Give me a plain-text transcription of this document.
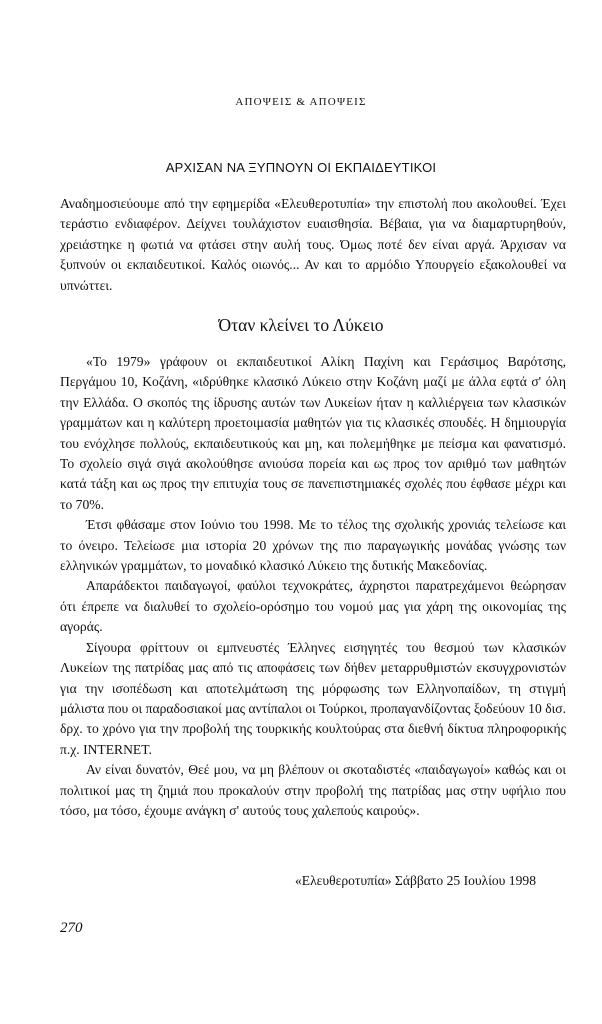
ΑΠΟΨΕΙΣ & ΑΠΟΨΕΙΣ
ΑΡΧΙΣΑΝ ΝΑ ΞΥΠΝΟΥΝ ΟΙ ΕΚΠΑΙΔΕΥΤΙΚΟΙ

Αναδημοσιεύουμε από την εφημερίδα «Ελευθεροτυπία» την επιστολή που ακολουθεί. Έχει τεράστιο ενδιαφέρον. Δείχνει τουλάχιστον ευαισθησία. Βέβαια, για να διαμαρτυρηθούν, χρειάστηκε η φωτιά να φτάσει στην αυλή τους. Όμως ποτέ δεν είναι αργά. Άρχισαν να ξυπνούν οι εκπαιδευτικοί. Καλός οιωνός... Αν και το αρμόδιο Υπουργείο εξακολουθεί να υπνώττει.

Όταν κλείνει το Λύκειο

«Το 1979» γράφουν οι εκπαιδευτικοί Αλίκη Παχίνη και Γεράσιμος Βαρότσης, Περγάμου 10, Κοζάνη, «ιδρύθηκε κλασικό Λύκειο στην Κοζάνη μαζί με άλλα εφτά σ' όλη την Ελλάδα. Ο σκοπός της ίδρυσης αυτών των Λυκείων ήταν η καλλιέργεια των κλασικών γραμμάτων και η καλύτερη προετοιμασία μαθητών για τις κλασικές σπουδές. Η δημιουργία του ενόχλησε πολλούς, εκπαιδευτικούς και μη, και πολεμήθηκε με πείσμα και φανατισμό. Το σχολείο σιγά σιγά ακολούθησε ανιούσα πορεία και ως προς τον αριθμό των μαθητών κατά τάξη και ως προς την επιτυχία τους σε πανεπιστημιακές σχολές που έφθασε μέχρι και το 70%.

Έτσι φθάσαμε στον Ιούνιο του 1998. Με το τέλος της σχολικής χρονιάς τελείωσε και το όνειρο. Τελείωσε μια ιστορία 20 χρόνων της πιο παραγωγικής μονάδας γνώσης των ελληνικών γραμμάτων, το μοναδικό κλασικό Λύκειο της δυτικής Μακεδονίας.

Απαράδεκτοι παιδαγωγοί, φαύλοι τεχνοκράτες, άχρηστοι παρατρεχάμενοι θεώρησαν ότι έπρεπε να διαλυθεί το σχολείο-ορόσημο του νομού μας για χάρη της οικονομίας της αγοράς.

Σίγουρα φρίττουν οι εμπνευστές Έλληνες εισηγητές του θεσμού των κλασικών Λυκείων της πατρίδας μας από τις αποφάσεις των δήθεν μεταρρυθμιστών εκσυγχρονιστών για την ισοπέδωση και αποτελμάτωση της μόρφωσης των Ελληνοπαίδων, τη στιγμή μάλιστα που οι παραδοσιακοί μας αντίπαλοι οι Τούρκοι, προπαγανδίζοντας ξοδεύουν 10 δισ. δρχ. το χρόνο για την προβολή της τουρκικής κουλτούρας στα διεθνή δίκτυα πληροφορικής π.χ. INTERNET.

Αν είναι δυνατόν, Θεέ μου, να μη βλέπουν οι σκοταδιστές «παιδαγωγοί» καθώς και οι πολιτικοί μας τη ζημιά που προκαλούν στην προβολή της πατρίδας μας στην υφήλιο που τόσο, μα τόσο, έχουμε ανάγκη σ' αυτούς τους χαλεπούς καιρούς».

«Ελευθεροτυπία» Σάββατο 25 Ιουλίου 1998
270
